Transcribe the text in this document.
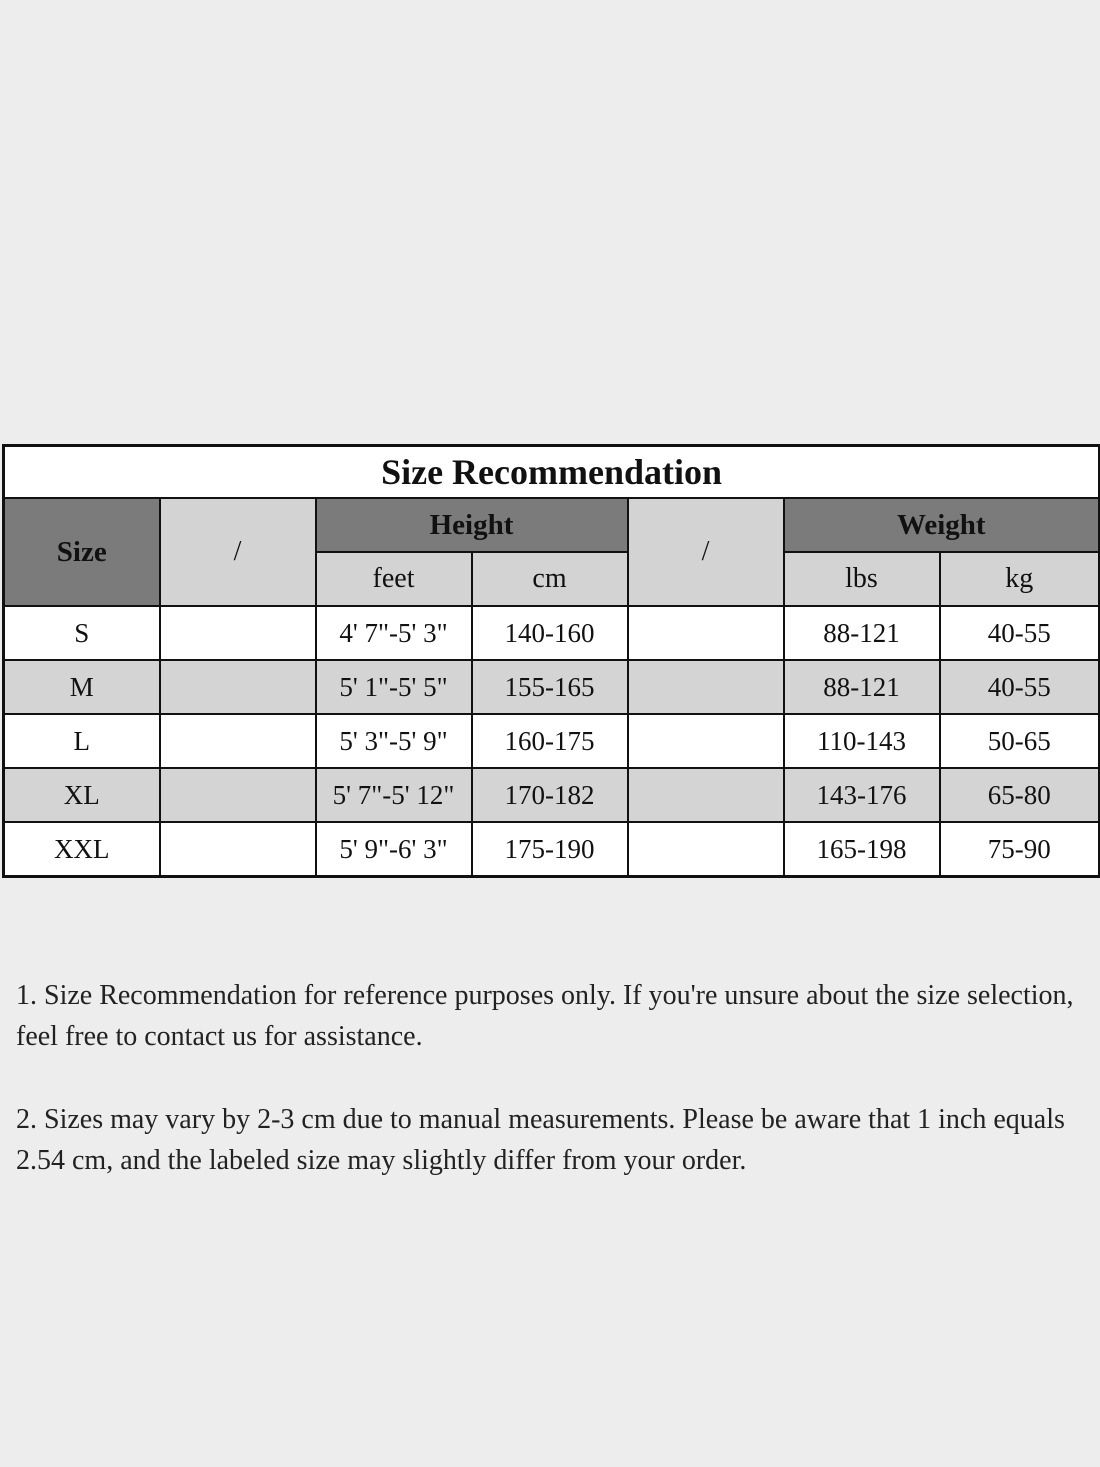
Size Recommendation						
Size	/	Height		/	Weight	
		feet	cm		lbs	kg
S		4' 7"-5' 3"	140-160		88-121	40-55
M		5' 1"-5' 5"	155-165		88-121	40-55
L		5' 3"-5' 9"	160-175		110-143	50-65
XL		5' 7"-5' 12"	170-182		143-176	65-80
XXL		5' 9"-6' 3"	175-190		165-198	75-90

1. Size Recommendation for reference purposes only. If you're unsure about the size selection, feel free to contact us for assistance.

2. Sizes may vary by 2-3 cm due to manual measurements. Please be aware that 1 inch equals 2.54 cm, and the labeled size may slightly differ from your order.
